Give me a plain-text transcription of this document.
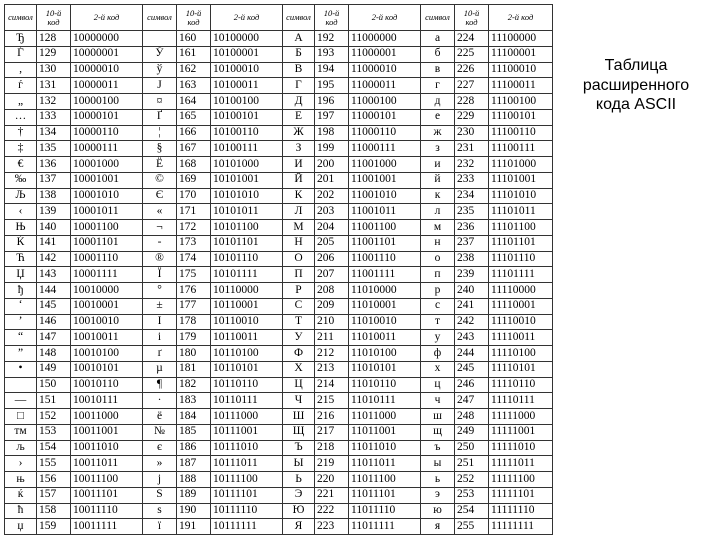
символ	10-й код	2-й код	символ	10-й код	2-й код	символ	10-й код	2-й код	символ	10-й код	2-й код
Ђ	128	10000000		160	10100000	А	192	11000000	а	224	11100000
Ѓ	129	10000001	Ў	161	10100001	Б	193	11000001	б	225	11100001
‚	130	10000010	ў	162	10100010	В	194	11000010	в	226	11100010
ѓ	131	10000011	Ј	163	10100011	Г	195	11000011	г	227	11100011
„	132	10000100	¤	164	10100100	Д	196	11000100	д	228	11100100
…	133	10000101	Ґ	165	10100101	Е	197	11000101	е	229	11100101
†	134	10000110	¦	166	10100110	Ж	198	11000110	ж	230	11100110
‡	135	10000111	§	167	10100111	З	199	11000111	з	231	11100111
€	136	10001000	Ё	168	10101000	И	200	11001000	и	232	11101000
‰	137	10001001	©	169	10101001	Й	201	11001001	й	233	11101001
Љ	138	10001010	Є	170	10101010	К	202	11001010	к	234	11101010
‹	139	10001011	«	171	10101011	Л	203	11001011	л	235	11101011
Њ	140	10001100	¬	172	10101100	М	204	11001100	м	236	11101100
Ќ	141	10001101	-	173	10101101	Н	205	11001101	н	237	11101101
Ћ	142	10001110	®	174	10101110	О	206	11001110	о	238	11101110
Џ	143	10001111	Ї	175	10101111	П	207	11001111	п	239	11101111
ђ	144	10010000	°	176	10110000	Р	208	11010000	р	240	11110000
‘	145	10010001	±	177	10110001	С	209	11010001	с	241	11110001
’	146	10010010	І	178	10110010	Т	210	11010010	т	242	11110010
“	147	10010011	і	179	10110011	У	211	11010011	у	243	11110011
”	148	10010100	ґ	180	10110100	Ф	212	11010100	ф	244	11110100
•	149	10010101	µ	181	10110101	Х	213	11010101	х	245	11110101
	150	10010110	¶	182	10110110	Ц	214	11010110	ц	246	11110110
—	151	10010111	·	183	10110111	Ч	215	11010111	ч	247	11110111
□	152	10011000	ё	184	10111000	Ш	216	11011000	ш	248	11111000
тм	153	10011001	№	185	10111001	Щ	217	11011001	щ	249	11111001
љ	154	10011010	є	186	10111010	Ъ	218	11011010	ъ	250	11111010
›	155	10011011	»	187	10111011	Ы	219	11011011	ы	251	11111011
њ	156	10011100	ј	188	10111100	Ь	220	11011100	ь	252	11111100
ќ	157	10011101	Ѕ	189	10111101	Э	221	11011101	э	253	11111101
ћ	158	10011110	ѕ	190	10111110	Ю	222	11011110	ю	254	11111110
џ	159	10011111	ї	191	10111111	Я	223	11011111	я	255	11111111
Таблица
расширенного
кода ASCII
